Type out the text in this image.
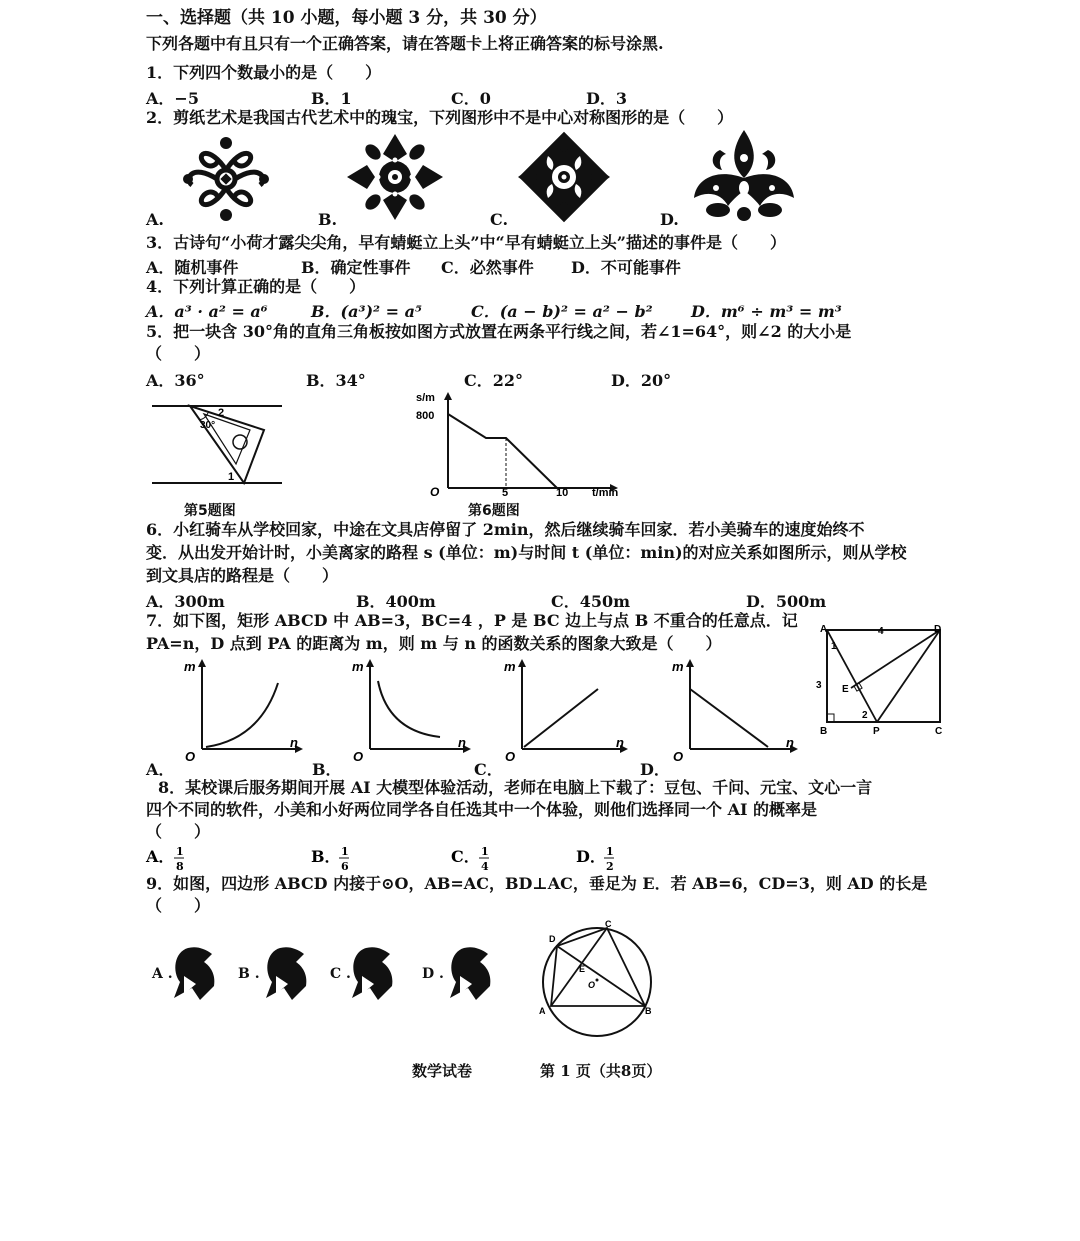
一、选择题（共 10 小题，每小题 3 分，共 30 分）
下列各题中有且只有一个正确答案，请在答题卡上将正确答案的标号涂黑.
1．下列四个数最小的是（　　）
A．−5	B．1	C．0	D．3
2．剪纸艺术是我国古代艺术中的瑰宝，下列图形中不是中心对称图形的是（　　）
A.	B.	C.	D.
3．古诗句“小荷才露尖尖角，早有蜻蜓立上头”中“早有蜻蜓立上头”描述的事件是（　　）
A．随机事件	B．确定性事件 C．必然事件 D．不可能事件
4．下列计算正确的是（　　）
A．a³ · a² = a⁶	B．(a³)² = a⁵	C．(a − b)² = a² − b² D．m⁶ ÷ m³ = m³
5．把一块含 30°角的直角三角板按如图方式放置在两条平行线之间，若∠1=64°，则∠2 的大小是
（　　）
A．36°	B．34°	C．22°	D．20°
30°
2
1
第5题图
s/m
800
O	5	10 t/min
第6题图
6．小红骑车从学校回家，中途在文具店停留了 2min，然后继续骑车回家．若小美骑车的速度始终不
变．从出发开始计时，小美离家的路程 s (单位：m)与时间 t (单位：min)的对应关系如图所示，则从学校
到文具店的路程是（　　）
A．300m	B．400m	C．450m	D．500m
7．如下图，矩形 ABCD 中 AB=3，BC=4 ，P 是 BC 边上与点 B 不重合的任意点．记
PA=n，D 点到 PA 的距离为 m，则 m 与 n 的函数关系的图象大致是（　　）
m
O
n
A．
m
O
n
B．
m
O
n
C．
m
O
n
D．
A	4	D
1
3 E
2
B	P	C
8．某校课后服务期间开展 AI 大模型体验活动，老师在电脑上下载了：豆包、千问、元宝、文心一言
四个不同的软件，小美和小好两位同学各自任选其中一个体验，则他们选择同一个 AI 的概率是
（　　）
A． 1
8
B． 1
6
C． 1
4
D． 1
2
9．如图，四边形 ABCD 内接于⊙O，AB=AC，BD⊥AC，垂足为 E．若 AB=6，CD=3，则 AD 的长是
（　　）
A .	B .	C .	D .
D
C
E
O
A	B
数学试卷	第 1 页（共8页）
